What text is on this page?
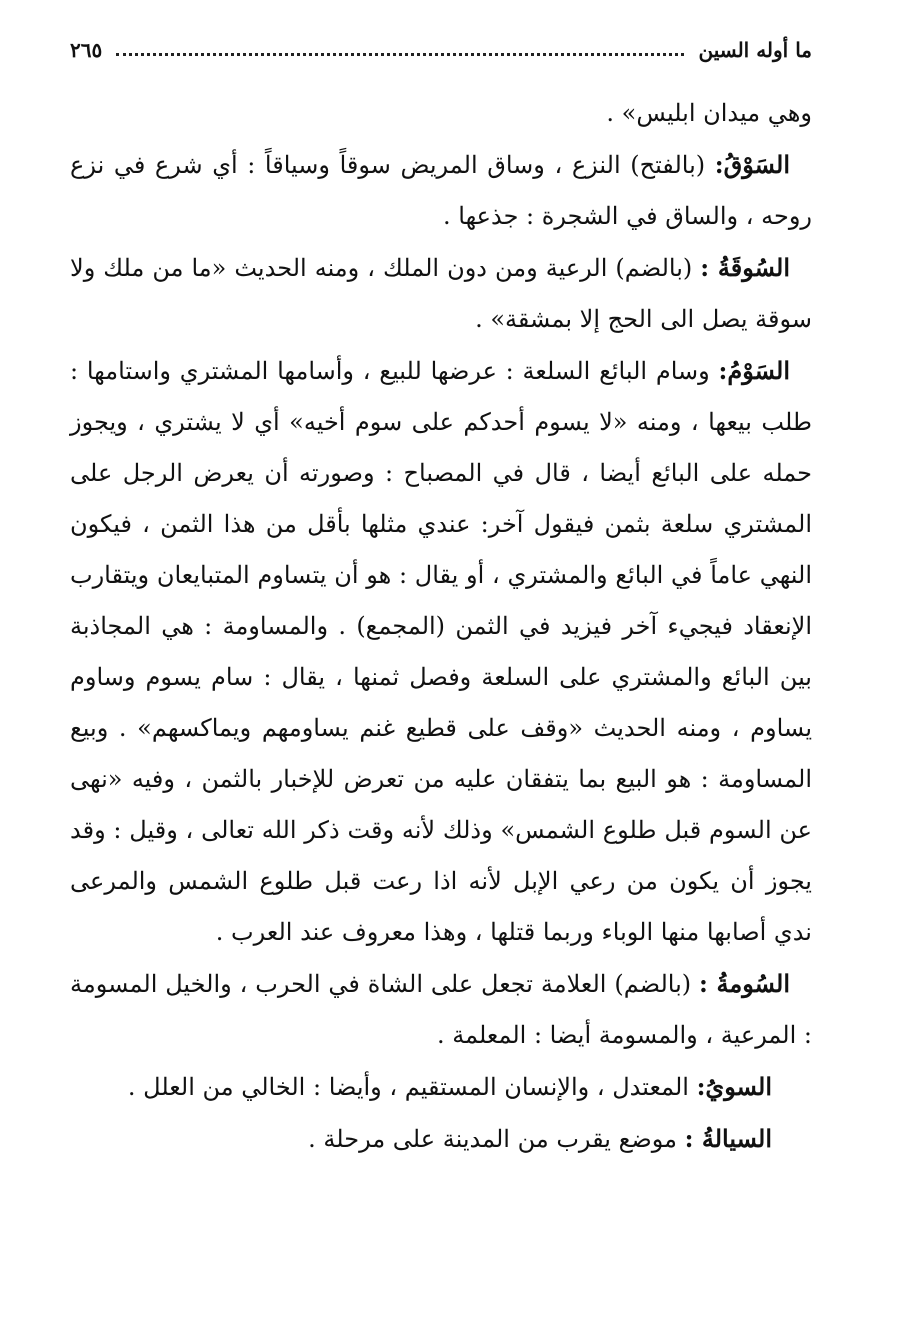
ما أوله السين
٢٦٥

وهي ميدان ابليس» .

السَوْقُ: (بالفتح) النزع ، وساق المريض سوقاً وسياقاً : أي شرع في نزع روحه ، والساق في الشجرة : جذعها .

السُوقَةُ : (بالضم) الرعية ومن دون الملك ، ومنه الحديث «ما من ملك ولا سوقة يصل الى الحج إلا بمشقة» .

السَوْمُ: وسام البائع السلعة : عرضها للبيع ، وأسامها المشتري واستامها : طلب بيعها ، ومنه «لا يسوم أحدكم على سوم أخيه» أي لا يشتري ، ويجوز حمله على البائع أيضا ، قال في المصباح : وصورته أن يعرض الرجل على المشتري سلعة بثمن فيقول آخر: عندي مثلها بأقل من هذا الثمن ، فيكون النهي عاماً في البائع والمشتري ، أو يقال : هو أن يتساوم المتبايعان ويتقارب الإنعقاد فيجيء آخر فيزيد في الثمن (المجمع) . والمساومة : هي المجاذبة بين البائع والمشتري على السلعة وفصل ثمنها ، يقال : سام يسوم وساوم يساوم ، ومنه الحديث «وقف على قطيع غنم يساومهم ويماكسهم» . وبيع المساومة : هو البيع بما يتفقان عليه من تعرض للإخبار بالثمن ، وفيه «نهى عن السوم قبل طلوع الشمس» وذلك لأنه وقت ذكر الله تعالى ، وقيل : وقد يجوز أن يكون من رعي الإبل لأنه اذا رعت قبل طلوع الشمس والمرعى ندي أصابها منها الوباء وربما قتلها ، وهذا معروف عند العرب .

السُومةُ : (بالضم) العلامة تجعل على الشاة في الحرب ، والخيل المسومة : المرعية ، والمسومة أيضا : المعلمة .

السويُ: المعتدل ، والإنسان المستقيم ، وأيضا : الخالي من العلل .

السيالةُ : موضع يقرب من المدينة على مرحلة .
